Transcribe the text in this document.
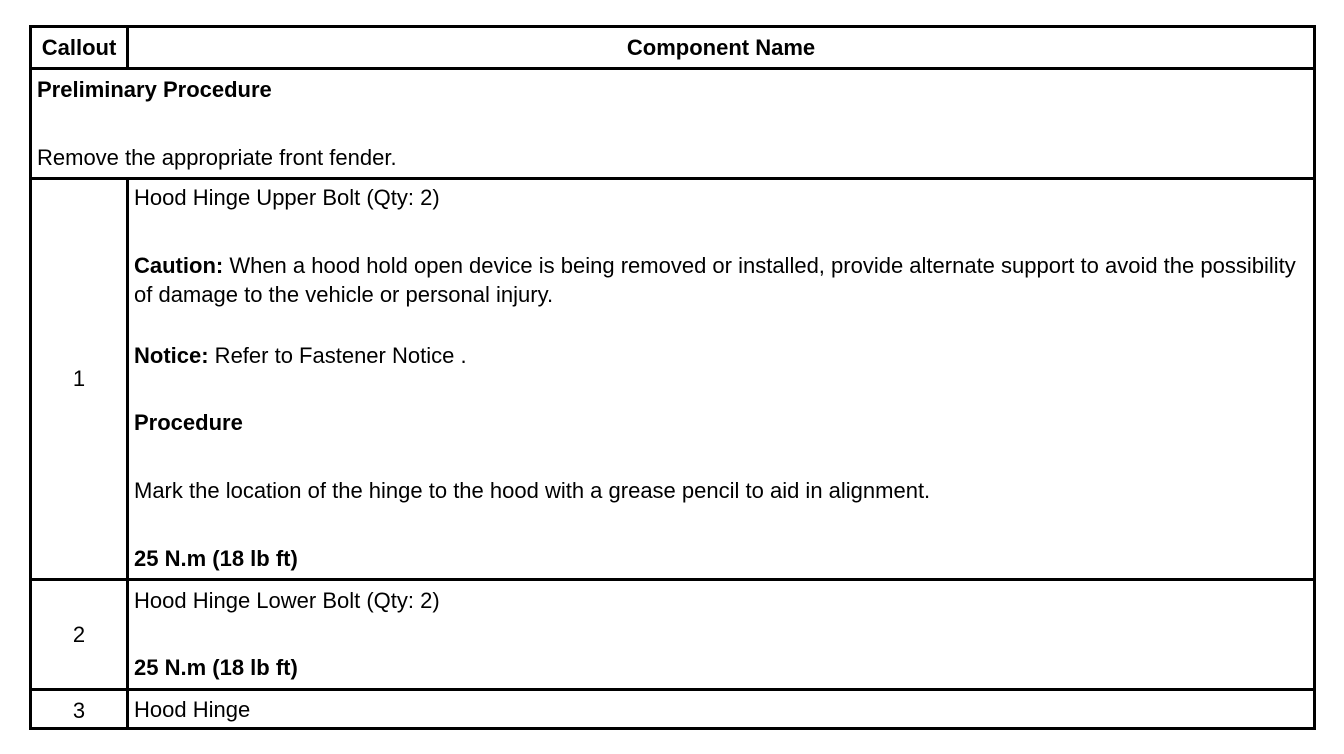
Callout	Component Name
Preliminary Procedure
Remove the appropriate front fender.
1
Hood Hinge Upper Bolt (Qty: 2)
Caution: When a hood hold open device is being removed or installed, provide alternate support to avoid the possibility of damage to the vehicle or personal injury.
Notice: Refer to Fastener Notice .
Procedure
Mark the location of the hinge to the hood with a grease pencil to aid in alignment.
25 N.m (18 lb ft)
2
Hood Hinge Lower Bolt (Qty: 2)
25 N.m (18 lb ft)
3 Hood Hinge
